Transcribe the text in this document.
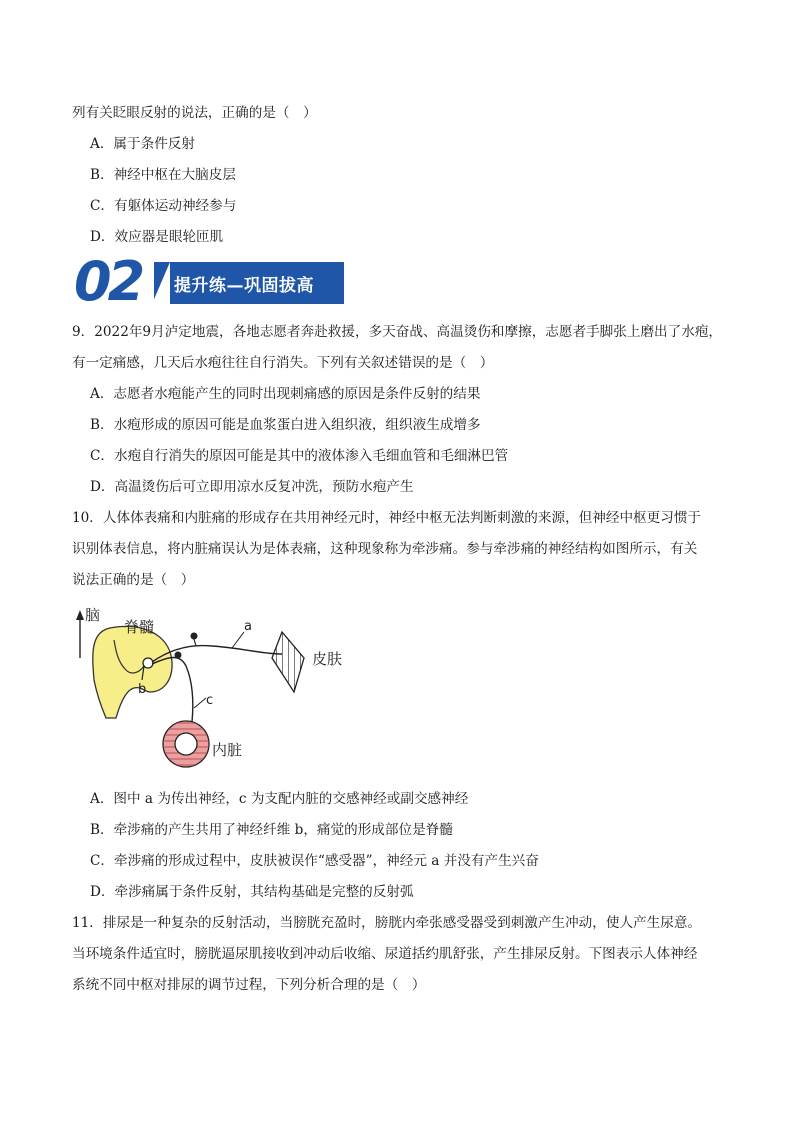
列有关眨眼反射的说法，正确的是（　）
A．属于条件反射
B．神经中枢在大脑皮层
C．有躯体运动神经参与
D．效应器是眼轮匝肌
02 提升练—巩固拔高
9．2022年9月泸定地震，各地志愿者奔赴救援，多天奋战、高温烫伤和摩擦，志愿者手脚张上磨出了水疱，
有一定痛感，几天后水疱往往自行消失。下列有关叙述错误的是（　）
A．志愿者水疱能产生的同时出现刺痛感的原因是条件反射的结果
B．水疱形成的原因可能是血浆蛋白进入组织液，组织液生成增多
C．水疱自行消失的原因可能是其中的液体渗入毛细血管和毛细淋巴管
D．高温烫伤后可立即用凉水反复冲洗，预防水疱产生
10．人体体表痛和内脏痛的形成存在共用神经元时，神经中枢无法判断刺激的来源，但神经中枢更习惯于
识别体表信息，将内脏痛误认为是体表痛，这种现象称为牵涉痛。参与牵涉痛的神经结构如图所示，有关
说法正确的是（　）
脑
脊髓
b
a
c
皮肤
内脏
A．图中 a 为传出神经，c 为支配内脏的交感神经或副交感神经
B．牵涉痛的产生共用了神经纤维 b，痛觉的形成部位是脊髓
C．牵涉痛的形成过程中，皮肤被误作“感受器”，神经元 a 并没有产生兴奋
D．牵涉痛属于条件反射，其结构基础是完整的反射弧
11．排尿是一种复杂的反射活动，当膀胱充盈时，膀胱内牵张感受器受到刺激产生冲动，使人产生尿意。
当环境条件适宜时，膀胱逼尿肌接收到冲动后收缩、尿道括约肌舒张，产生排尿反射。下图表示人体神经
系统不同中枢对排尿的调节过程，下列分析合理的是（　）
